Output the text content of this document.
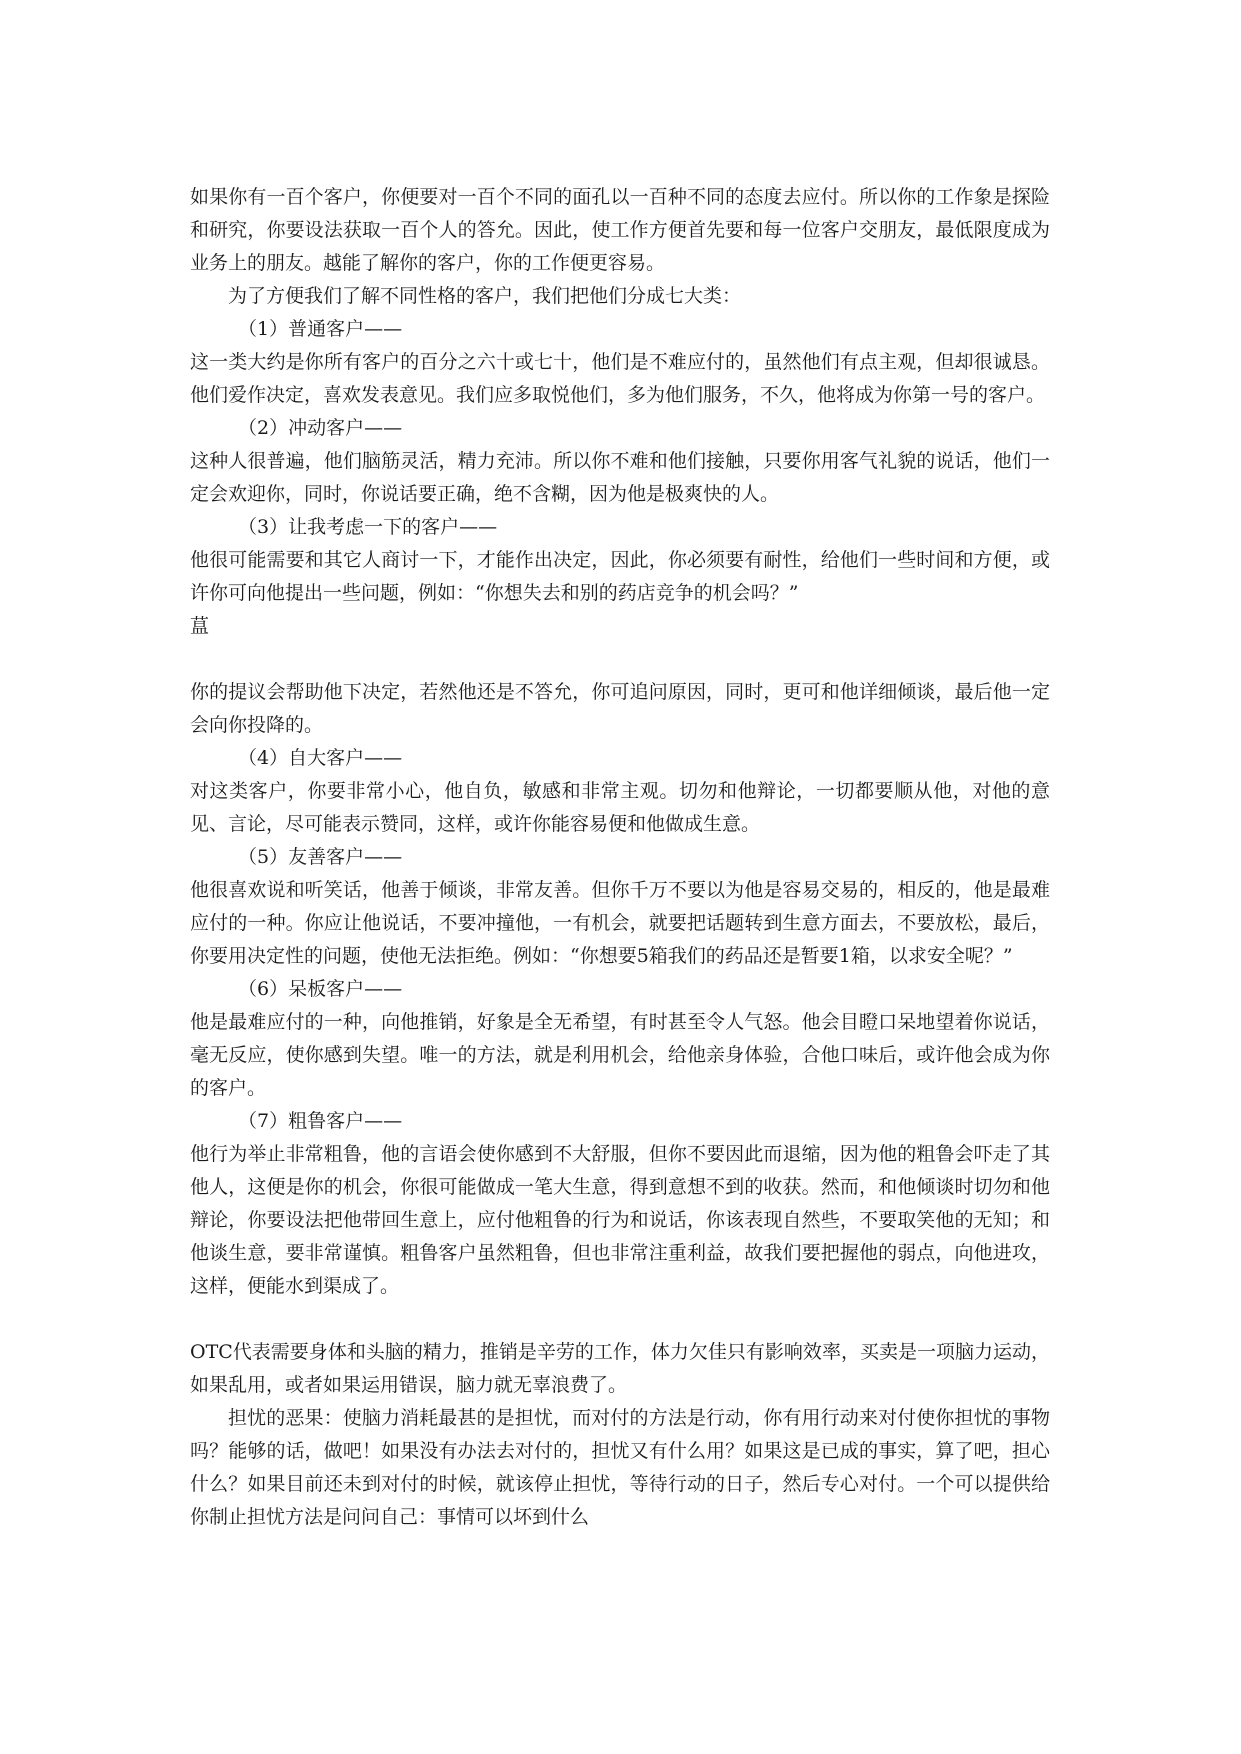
如果你有一百个客户，你便要对一百个不同的面孔以一百种不同的态度去应付。所以你的工作象是探险和研究，你要设法获取一百个人的答允。因此，使工作方便首先要和每一位客户交朋友，最低限度成为业务上的朋友。越能了解你的客户，你的工作便更容易。

为了方便我们了解不同性格的客户，我们把他们分成七大类：

（1）普通客户——

这一类大约是你所有客户的百分之六十或七十，他们是不难应付的，虽然他们有点主观，但却很诚恳。他们爱作决定，喜欢发表意见。我们应多取悦他们，多为他们服务，不久，他将成为你第一号的客户。

（2）冲动客户——

这种人很普遍，他们脑筋灵活，精力充沛。所以你不难和他们接触，只要你用客气礼貌的说话，他们一定会欢迎你，同时，你说话要正确，绝不含糊，因为他是极爽快的人。

（3）让我考虑一下的客户——

他很可能需要和其它人商讨一下，才能作出决定，因此，你必须要有耐性，给他们一些时间和方便，或许你可向他提出一些问题，例如：“你想失去和别的药店竞争的机会吗？”

蒀

你的提议会帮助他下决定，若然他还是不答允，你可追问原因，同时，更可和他详细倾谈，最后他一定会向你投降的。

（4）自大客户——

对这类客户，你要非常小心，他自负，敏感和非常主观。切勿和他辩论，一切都要顺从他，对他的意见、言论，尽可能表示赞同，这样，或许你能容易便和他做成生意。

（5）友善客户——

他很喜欢说和听笑话，他善于倾谈，非常友善。但你千万不要以为他是容易交易的，相反的，他是最难应付的一种。你应让他说话，不要冲撞他，一有机会，就要把话题转到生意方面去，不要放松，最后，你要用决定性的问题，使他无法拒绝。例如：“你想要5箱我们的药品还是暂要1箱，以求安全呢？”

（6）呆板客户——

他是最难应付的一种，向他推销，好象是全无希望，有时甚至令人气怒。他会目瞪口呆地望着你说话，毫无反应，使你感到失望。唯一的方法，就是利用机会，给他亲身体验，合他口味后，或许他会成为你的客户。

（7）粗鲁客户——

他行为举止非常粗鲁，他的言语会使你感到不大舒服，但你不要因此而退缩，因为他的粗鲁会吓走了其他人，这便是你的机会，你很可能做成一笔大生意，得到意想不到的收获。然而，和他倾谈时切勿和他辩论，你要设法把他带回生意上，应付他粗鲁的行为和说话，你该表现自然些，不要取笑他的无知；和他谈生意，要非常谨慎。粗鲁客户虽然粗鲁，但也非常注重利益，故我们要把握他的弱点，向他进攻，这样，便能水到渠成了。

OTC代表需要身体和头脑的精力，推销是辛劳的工作，体力欠佳只有影响效率，买卖是一项脑力运动，如果乱用，或者如果运用错误，脑力就无辜浪费了。

担忧的恶果：使脑力消耗最甚的是担忧，而对付的方法是行动，你有用行动来对付使你担忧的事物吗？能够的话，做吧！如果没有办法去对付的，担忧又有什么用？如果这是已成的事实，算了吧，担心什么？如果目前还未到对付的时候，就该停止担忧，等待行动的日子，然后专心对付。一个可以提供给你制止担忧方法是问问自己：事情可以坏到什么
